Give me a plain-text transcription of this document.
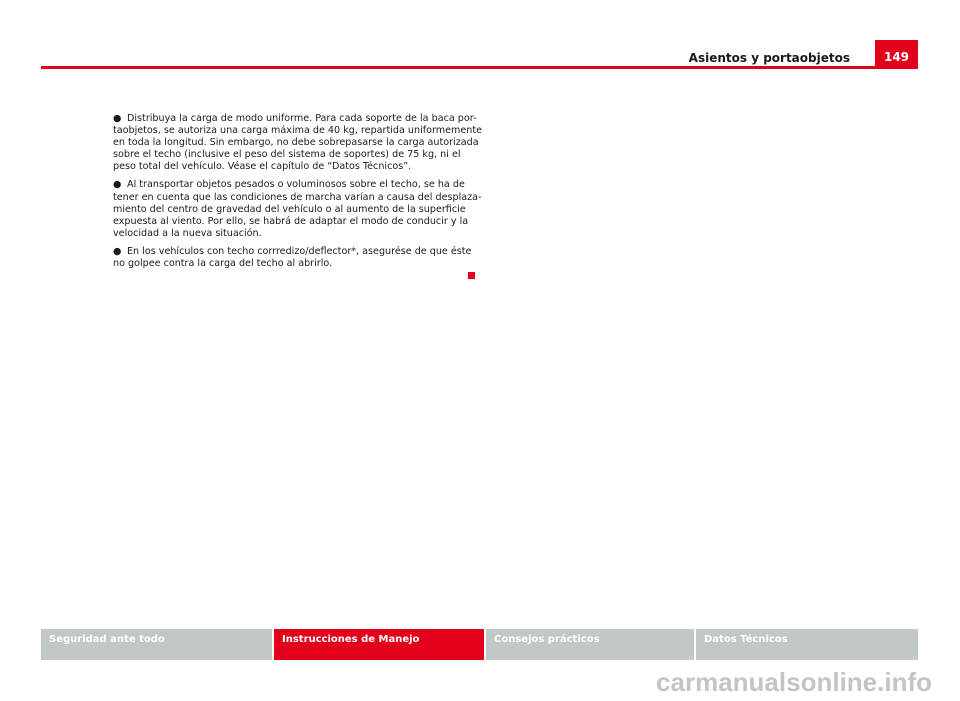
Asientos y portaobjetos	149

● Distribuya la carga de modo uniforme. Para cada soporte de la baca por-taobjetos, se autoriza una carga máxima de 40 kg, repartida uniformemente en toda la longitud. Sin embargo, no debe sobrepasarse la carga autorizada sobre el techo (inclusive el peso del sistema de soportes) de 75 kg, ni el peso total del vehículo. Véase el capítulo de “Datos Técnicos”.

● Al transportar objetos pesados o voluminosos sobre el techo, se ha de tener en cuenta que las condiciones de marcha varían a causa del desplaza-miento del centro de gravedad del vehículo o al aumento de la superficie expuesta al viento. Por ello, se habrá de adaptar el modo de conducir y la velocidad a la nueva situación.

● En los vehículos con techo corrredizo/deflector*, asegurése de que éste no golpee contra la carga del techo al abrirlo.

Seguridad ante todo	Instrucciones de Manejo	Consejos prácticos	Datos Técnicos
carmanualsonline.info
